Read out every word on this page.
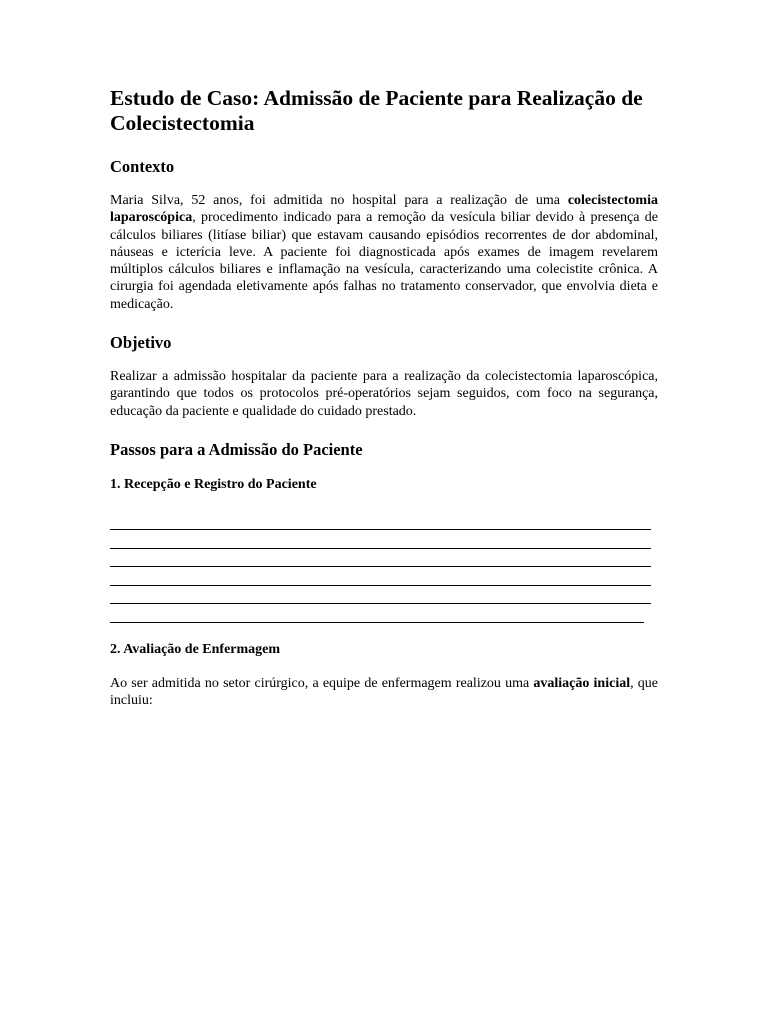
Estudo de Caso: Admissão de Paciente para Realização de Colecistectomia
Contexto

Maria Silva, 52 anos, foi admitida no hospital para a realização de uma colecistectomia laparoscópica, procedimento indicado para a remoção da vesícula biliar devido à presença de cálculos biliares (litíase biliar) que estavam causando episódios recorrentes de dor abdominal, náuseas e icterícia leve. A paciente foi diagnosticada após exames de imagem revelarem múltiplos cálculos biliares e inflamação na vesícula, caracterizando uma colecistite crônica. A cirurgia foi agendada eletivamente após falhas no tratamento conservador, que envolvia dieta e medicação.

Objetivo

Realizar a admissão hospitalar da paciente para a realização da colecistectomia laparoscópica, garantindo que todos os protocolos pré-operatórios sejam seguidos, com foco na segurança, educação da paciente e qualidade do cuidado prestado.

Passos para a Admissão do Paciente
1. Recepção e Registro do Paciente
2. Avaliação de Enfermagem

Ao ser admitida no setor cirúrgico, a equipe de enfermagem realizou uma avaliação inicial, que incluiu:
